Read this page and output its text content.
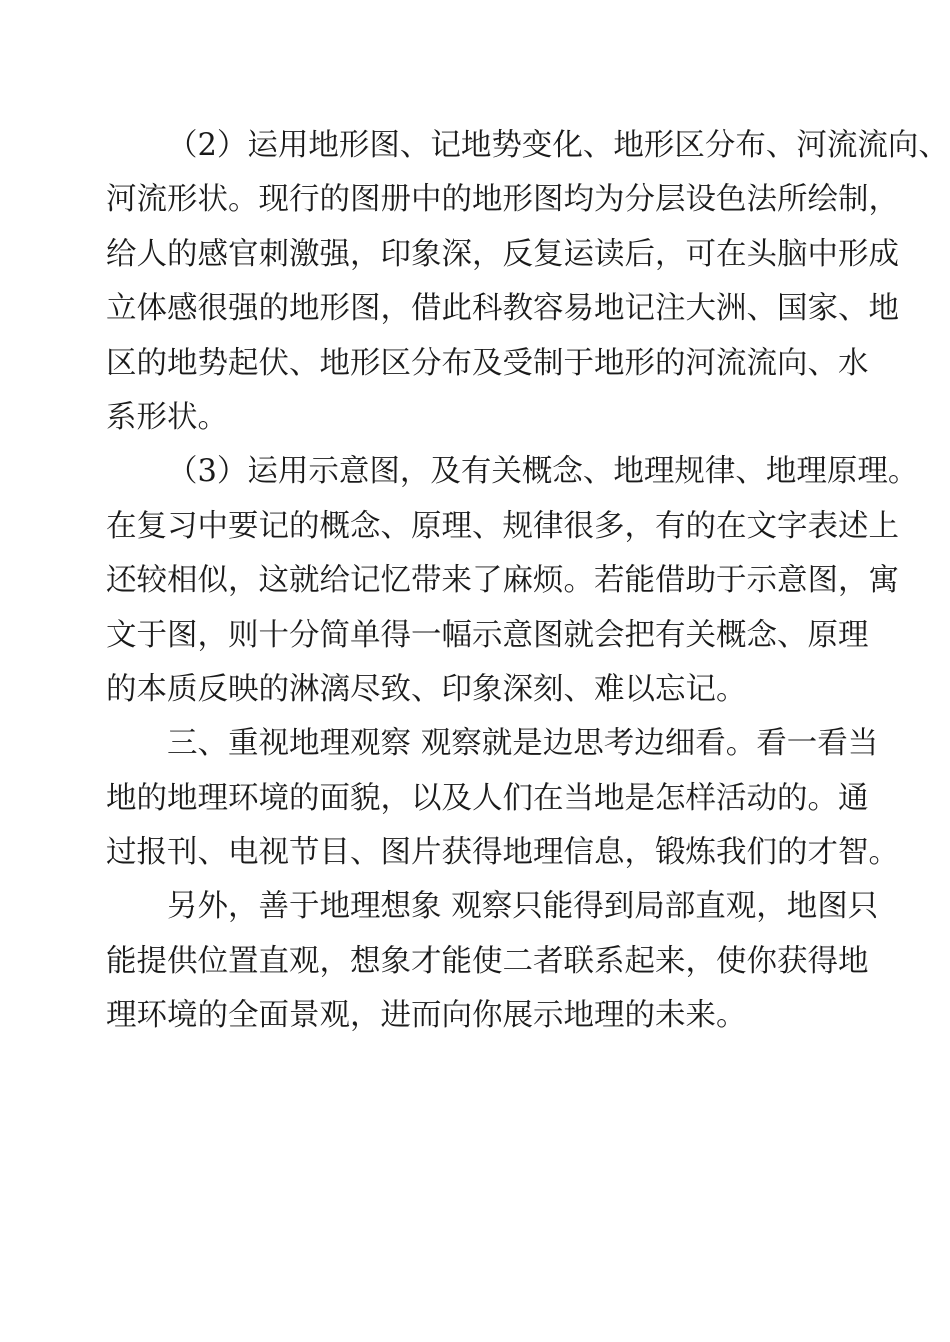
（2）运用地形图、记地势变化、地形区分布、河流流向、
河流形状。现行的图册中的地形图均为分层设色法所绘制，
给人的感官刺激强，印象深，反复运读后，可在头脑中形成
立体感很强的地形图，借此科教容易地记注大洲、国家、地
区的地势起伏、地形区分布及受制于地形的河流流向、水
系形状。
（3）运用示意图，及有关概念、地理规律、地理原理。
在复习中要记的概念、原理、规律很多，有的在文字表述上
还较相似，这就给记忆带来了麻烦。若能借助于示意图，寓
文于图，则十分简单得一幅示意图就会把有关概念、原理
的本质反映的淋漓尽致、印象深刻、难以忘记。
三、重视地理观察 观察就是边思考边细看。看一看当
地的地理环境的面貌，以及人们在当地是怎样活动的。通
过报刊、电视节目、图片获得地理信息，锻炼我们的才智。
另外，善于地理想象 观察只能得到局部直观，地图只
能提供位置直观，想象才能使二者联系起来，使你获得地
理环境的全面景观，进而向你展示地理的未来。
